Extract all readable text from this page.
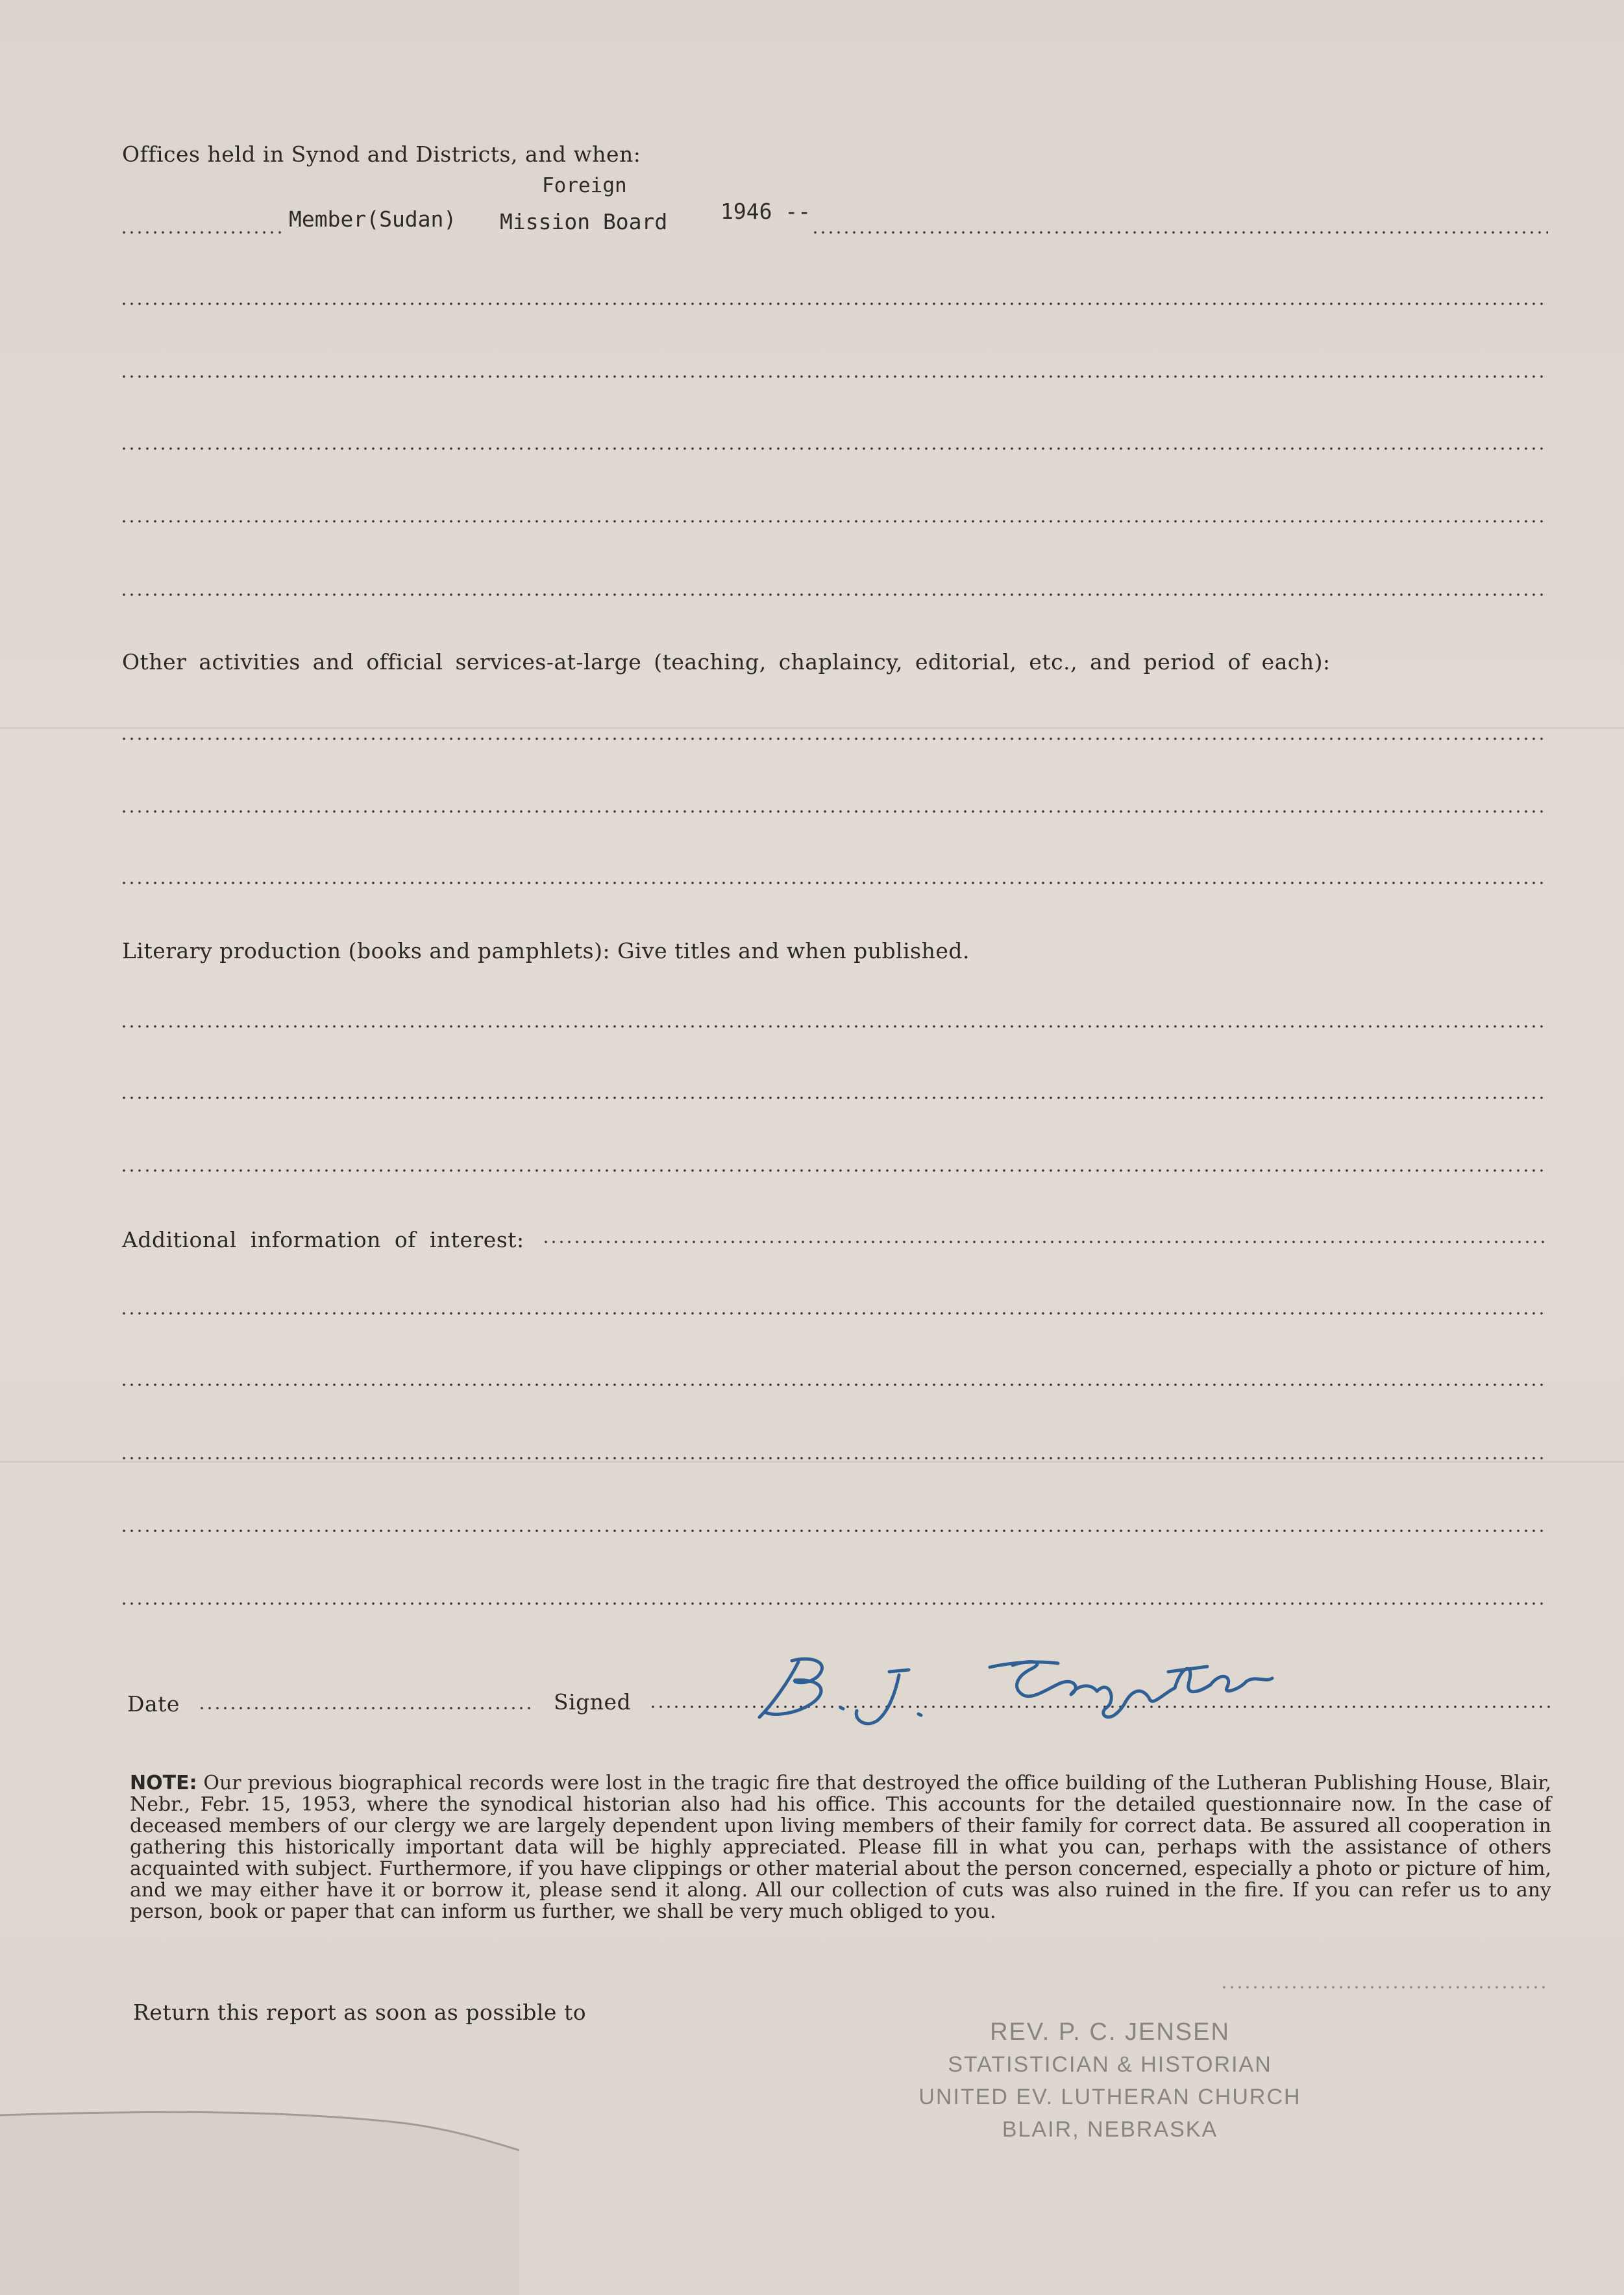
Offices held in Synod and Districts, and when:
Foreign
Member(Sudan) Mission Board 1946 --
Other activities and official services-at-large (teaching, chaplaincy, editorial, etc., and period of each):
Literary production (books and pamphlets): Give titles and when published.
Additional information of interest:
Date	Signed
NOTE: Our previous biographical records were lost in the tragic fire that destroyed the office building of the Lutheran Publishing House, Blair, Nebr., Febr. 15, 1953, where the synodical historian also had his office. This accounts for the detailed questionnaire now. In the case of deceased members of our clergy we are largely dependent upon living members of their family for correct data. Be assured all cooperation in gathering this historically important data will be highly appreciated. Please fill in what you can, perhaps with the assistance of others acquainted with subject. Furthermore, if you have clippings or other material about the person concerned, especially a photo or picture of him, and we may either have it or borrow it, please send it along. All our collection of cuts was also ruined in the fire. If you can refer us to any person, book or paper that can inform us further, we shall be very much obliged to you.
Return this report as soon as possible to
REV. P. C. JENSEN
STATISTICIAN & HISTORIAN
UNITED EV. LUTHERAN CHURCH
BLAIR, NEBRASKA
